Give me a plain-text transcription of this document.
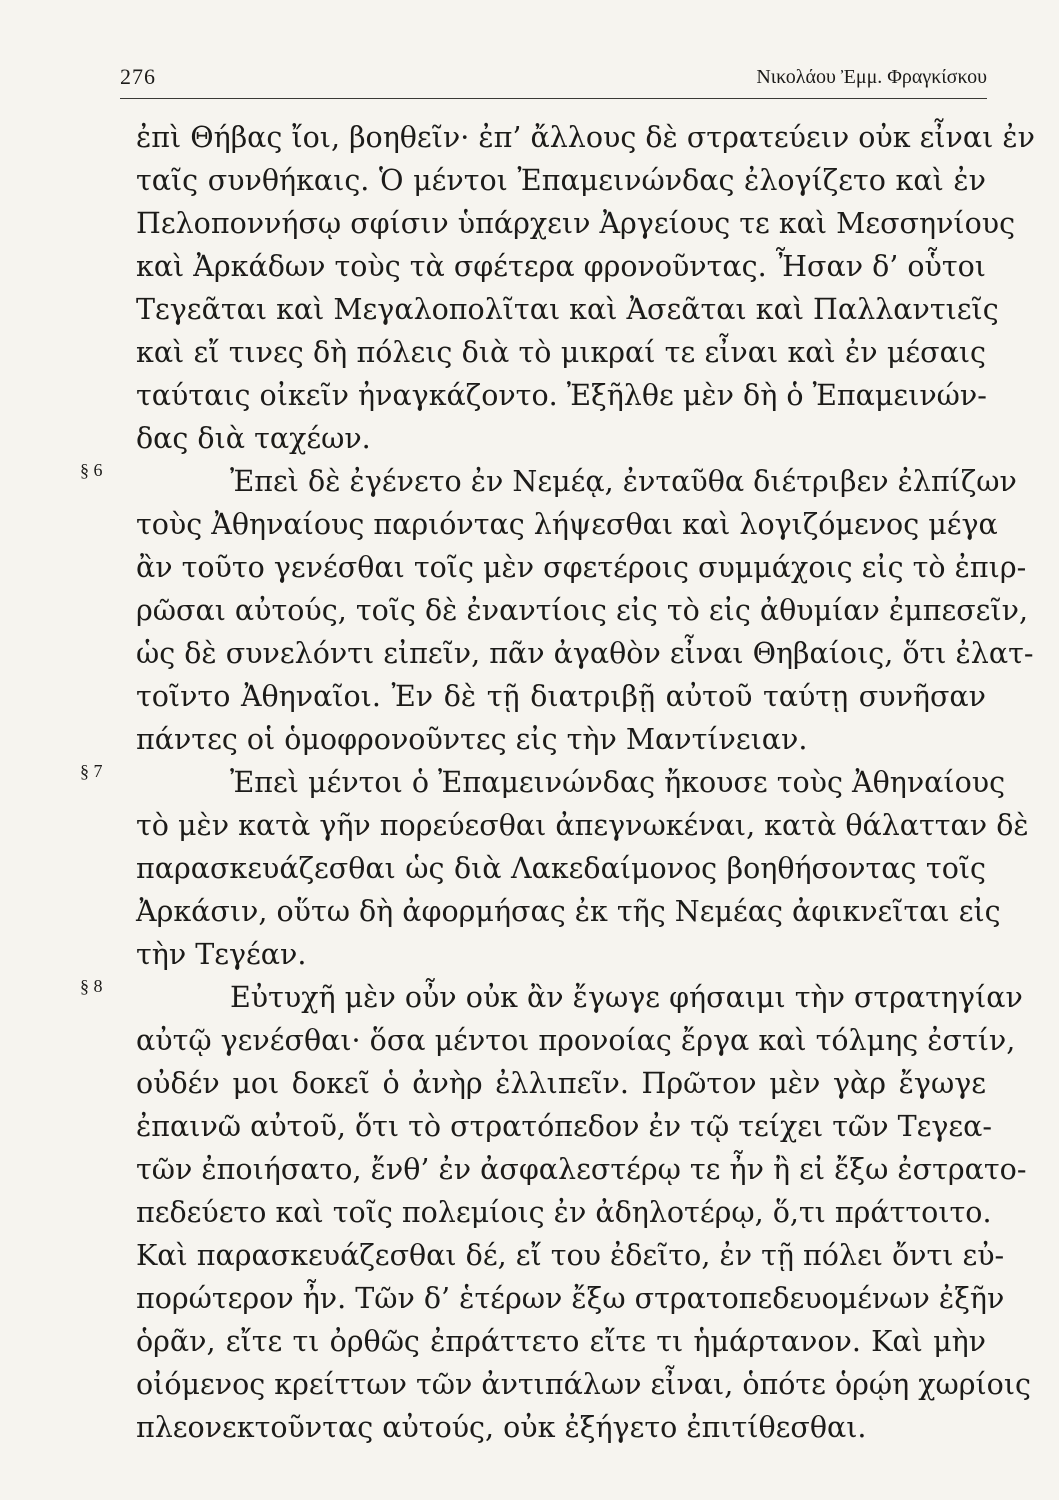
276	Νικολάου Ἐμμ. Φραγκίσκου
ἐπὶ Θήβας ἴοι, βοηθεῖν· ἐπ’ ἄλλους δὲ στρατεύειν οὐκ εἶναι ἐν
ταῖς συνθήκαις. Ὁ μέντοι Ἐπαμεινώνδας ἐλογίζετο καὶ ἐν
Πελοποννήσῳ σφίσιν ὑπάρχειν Ἀργείους τε καὶ Μεσσηνίους
καὶ Ἀρκάδων τοὺς τὰ σφέτερα φρονοῦντας. Ἦσαν δ’ οὗτοι
Τεγεᾶται καὶ Μεγαλοπολῖται καὶ Ἀσεᾶται καὶ Παλλαντιεῖς
καὶ εἴ τινες δὴ πόλεις διὰ τὸ μικραί τε εἶναι καὶ ἐν μέσαις
ταύταις οἰκεῖν ἠναγκάζοντο. Ἐξῆλθε μὲν δὴ ὁ Ἐπαμεινών-
δας διὰ ταχέων.
§ 6	Ἐπεὶ δὲ ἐγένετο ἐν Νεμέᾳ, ἐνταῦθα διέτριβεν ἐλπίζων
τοὺς Ἀθηναίους παριόντας λήψεσθαι καὶ λογιζόμενος μέγα
ἂν τοῦτο γενέσθαι τοῖς μὲν σφετέροις συμμάχοις εἰς τὸ ἐπιρ-
ρῶσαι αὐτούς, τοῖς δὲ ἐναντίοις εἰς τὸ εἰς ἀθυμίαν ἐμπεσεῖν,
ὡς δὲ συνελόντι εἰπεῖν, πᾶν ἀγαθὸν εἶναι Θηβαίοις, ὅτι ἐλατ-
τοῖντο Ἀθηναῖοι. Ἐν δὲ τῇ διατριβῇ αὐτοῦ ταύτῃ συνῆσαν
πάντες οἱ ὁμοφρονοῦντες εἰς τὴν Μαντίνειαν.
§ 7	Ἐπεὶ μέντοι ὁ Ἐπαμεινώνδας ἤκουσε τοὺς Ἀθηναίους
τὸ μὲν κατὰ γῆν πορεύεσθαι ἀπεγνωκέναι, κατὰ θάλατταν δὲ
παρασκευάζεσθαι ὡς διὰ Λακεδαίμονος βοηθήσοντας τοῖς
Ἀρκάσιν, οὕτω δὴ ἀφορμήσας ἐκ τῆς Νεμέας ἀφικνεῖται εἰς
τὴν Τεγέαν.
§ 8	Εὐτυχῆ μὲν οὖν οὐκ ἂν ἔγωγε φήσαιμι τὴν στρατηγίαν
αὐτῷ γενέσθαι· ὅσα μέντοι προνοίας ἔργα καὶ τόλμης ἐστίν,
οὐδέν μοι δοκεῖ ὁ ἀνὴρ ἐλλιπεῖν. Πρῶτον μὲν γὰρ ἔγωγε
ἐπαινῶ αὐτοῦ, ὅτι τὸ στρατόπεδον ἐν τῷ τείχει τῶν Τεγεα-
τῶν ἐποιήσατο, ἔνθ’ ἐν ἀσφαλεστέρῳ τε ἦν ἢ εἰ ἔξω ἐστρατο-
πεδεύετο καὶ τοῖς πολεμίοις ἐν ἀδηλοτέρῳ, ὅ,τι πράττοιτο.
Καὶ παρασκευάζεσθαι δέ, εἴ του ἐδεῖτο, ἐν τῇ πόλει ὄντι εὐ-
πορώτερον ἦν. Τῶν δ’ ἑτέρων ἔξω στρατοπεδευομένων ἐξῆν
ὁρᾶν, εἴτε τι ὀρθῶς ἐπράττετο εἴτε τι ἡμάρτανον. Καὶ μὴν
οἰόμενος κρείττων τῶν ἀντιπάλων εἶναι, ὁπότε ὁρῴη χωρίοις
πλεονεκτοῦντας αὐτούς, οὐκ ἐξήγετο ἐπιτίθεσθαι.
